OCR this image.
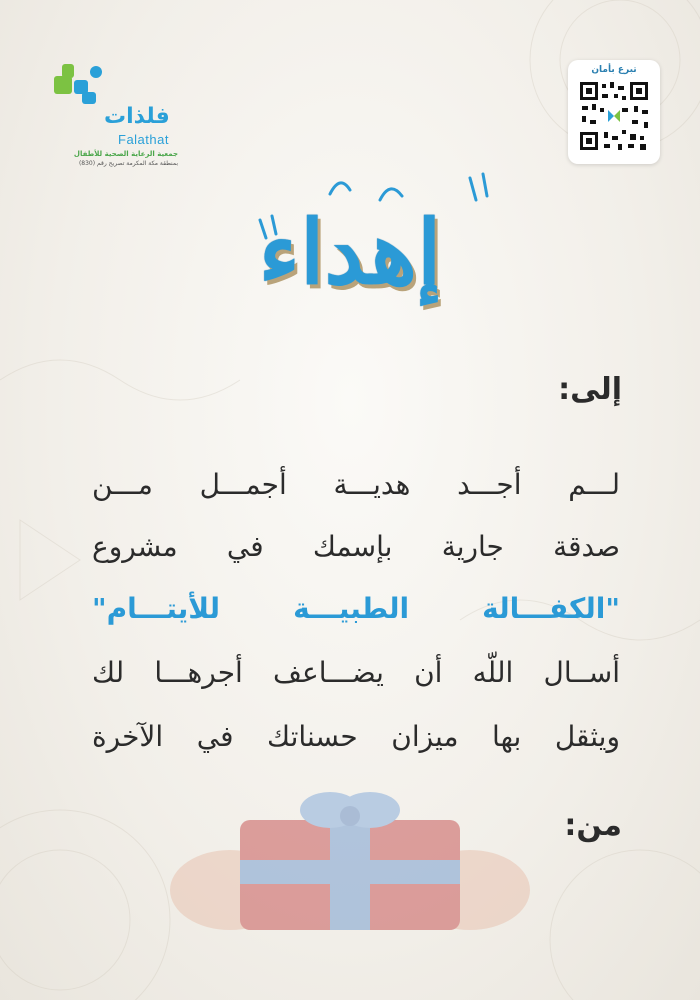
فلذات
Falathat
جمعية الرعاية الصحية للأطفال
بمنطقة مكة المكرمة تصريح رقم (830)
تبرع بأمان
إهداء
إلى:
لـــم أجـــد هديـــة أجمـــل مـــن
صدقة جارية بإسمك في مشروع
"الكفـــالة الطبيـــة للأيتـــام"
أســال اللّه أن يضـــاعف أجرهـــا لك
ويثقل بها ميزان حسناتك في الآخرة
من:
